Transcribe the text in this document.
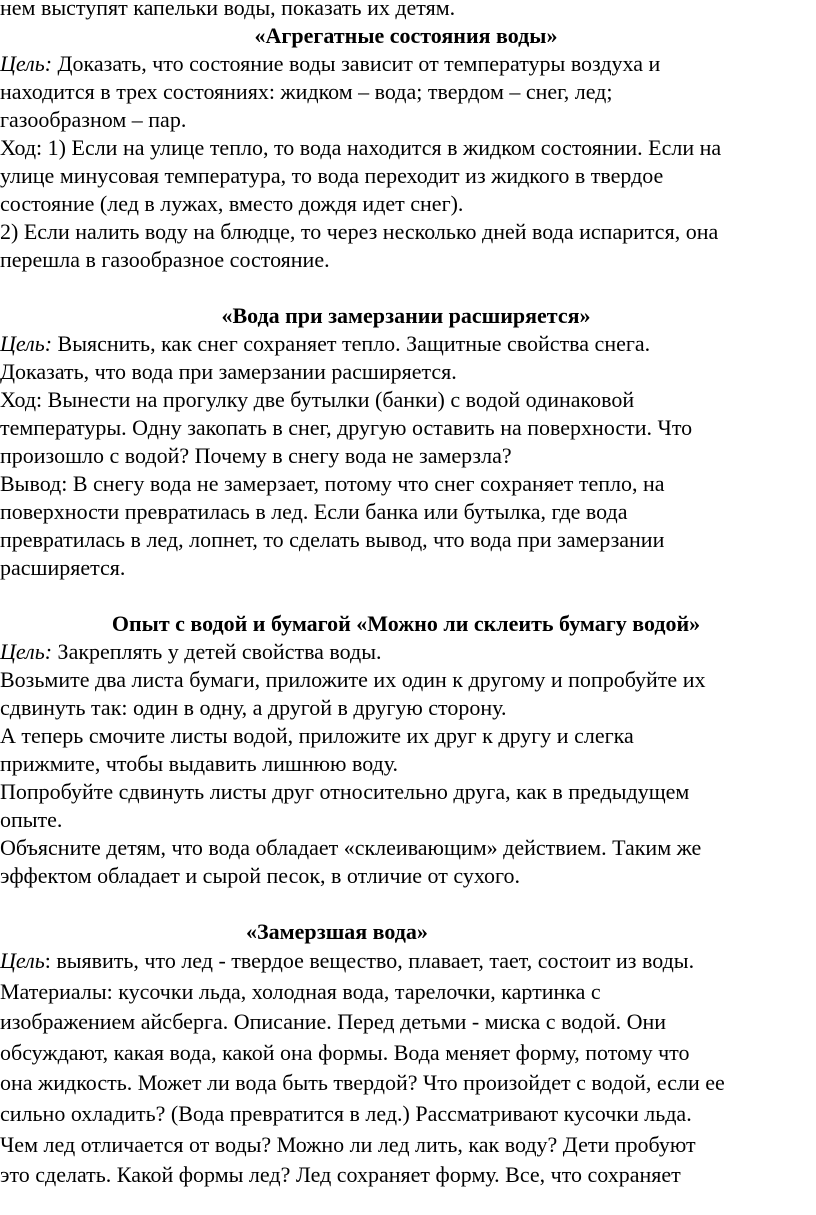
нем выступят капельки воды, показать их детям.
«Агрегатные состояния воды»
Цель: Доказать, что состояние воды зависит от температуры воздуха и
находится в трех состояниях: жидком – вода; твердом – снег, лед;
газообразном – пар.
Ход: 1) Если на улице тепло, то вода находится в жидком состоянии. Если на
улице минусовая температура, то вода переходит из жидкого в твердое
состояние (лед в лужах, вместо дождя идет снег).
2) Если налить воду на блюдце, то через несколько дней вода испарится, она
перешла в газообразное состояние.
«Вода при замерзании расширяется»
Цель: Выяснить, как снег сохраняет тепло. Защитные свойства снега.
Доказать, что вода при замерзании расширяется.
Ход: Вынести на прогулку две бутылки (банки) с водой одинаковой
температуры. Одну закопать в снег, другую оставить на поверхности. Что
произошло с водой? Почему в снегу вода не замерзла?
Вывод: В снегу вода не замерзает, потому что снег сохраняет тепло, на
поверхности превратилась в лед. Если банка или бутылка, где вода
превратилась в лед, лопнет, то сделать вывод, что вода при замерзании
расширяется.
Опыт с водой и бумагой «Можно ли склеить бумагу водой»
Цель: Закреплять у детей свойства воды.
Возьмите два листа бумаги, приложите их один к другому и попробуйте их
сдвинуть так: один в одну, а другой в другую сторону.
А теперь смочите листы водой, приложите их друг к другу и слегка
прижмите, чтобы выдавить лишнюю воду.
Попробуйте сдвинуть листы друг относительно друга, как в предыдущем
опыте.
Объясните детям, что вода обладает «склеивающим» действием. Таким же
эффектом обладает и сырой песок, в отличие от сухого.
«Замерзшая вода»
Цель: выявить, что лед - твердое вещество, плавает, тает, состоит из воды.
Материалы: кусочки льда, холодная вода, тарелочки, картинка с
изображением айсберга. Описание. Перед детьми - миска с водой. Они
обсуждают, какая вода, какой она формы. Вода меняет форму, потому что
она жидкость. Может ли вода быть твердой? Что произойдет с водой, если ее
сильно охладить? (Вода превратится в лед.) Рассматривают кусочки льда.
Чем лед отличается от воды? Можно ли лед лить, как воду? Дети пробуют
это сделать. Какой формы лед? Лед сохраняет форму. Все, что сохраняет
